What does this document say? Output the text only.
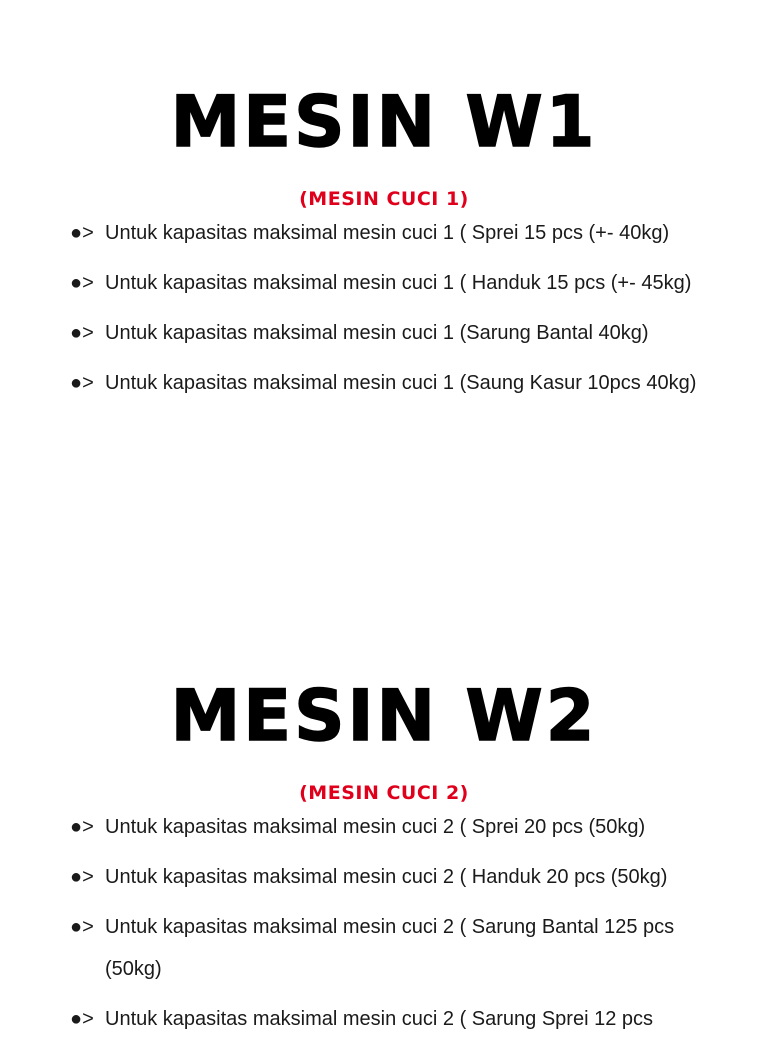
MESIN W1
(MESIN CUCI 1)
●> Untuk kapasitas maksimal mesin cuci 1 ( Sprei 15 pcs (+- 40kg)
●> Untuk kapasitas maksimal mesin cuci 1 ( Handuk 15 pcs (+- 45kg)
●> Untuk kapasitas maksimal mesin cuci 1 (Sarung Bantal 40kg)
●> Untuk kapasitas maksimal mesin cuci 1 (Saung Kasur 10pcs 40kg)
MESIN W2
(MESIN CUCI 2)
●> Untuk kapasitas maksimal mesin cuci 2 ( Sprei 20 pcs (50kg)
●> Untuk kapasitas maksimal mesin cuci 2 ( Handuk 20 pcs (50kg)
●> Untuk kapasitas maksimal mesin cuci 2 ( Sarung Bantal 125 pcs (50kg)
●> Untuk kapasitas maksimal mesin cuci 2 ( Sarung Sprei 12 pcs
